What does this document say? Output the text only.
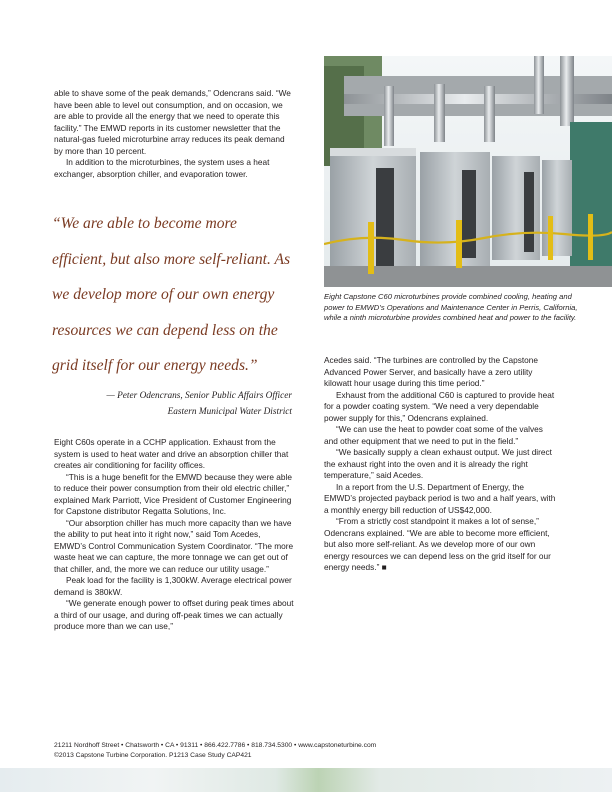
able to shave some of the peak demands,” Odencrans said. “We have been able to level out consumption, and on occasion, we are able to provide all the energy that we need to operate this facility.” The EMWD reports in its customer newsletter that the natural-gas fueled microturbine array reduces its peak demand by more than 10 percent.

In addition to the microturbines, the system uses a heat exchanger, absorption chiller, and evaporation tower.

“We are able to become more efficient, but also more self-reliant. As we develop more of our own energy resources we can depend less on the grid itself for our energy needs.”

— Peter Odencrans, Senior Public Affairs Officer
Eastern Municipal Water District

Eight C60s operate in a CCHP application. Exhaust from the system is used to heat water and drive an absorption chiller that creates air conditioning for facility offices.

“This is a huge benefit for the EMWD because they were able to reduce their power consumption from their old electric chiller,” explained Mark Parriott, Vice President of Customer Engineering for Capstone distributor Regatta Solutions, Inc.

“Our absorption chiller has much more capacity than we have the ability to put heat into it right now,” said Tom Acedes, EMWD’s Control Communication System Coordinator. “The more waste heat we can capture, the more tonnage we can get out of that chiller, and, the more we can reduce our utility usage.”

Peak load for the facility is 1,300kW. Average electrical power demand is 380kW.

“We generate enough power to offset during peak times about a third of our usage, and during off-peak times we can actually produce more than we can use,”

Eight Capstone C60 microturbines provide combined cooling, heating and power to EMWD’s Operations and Maintenance Center in Perris, California, while a ninth microturbine provides combined heat and power to the facility.

Acedes said. “The turbines are controlled by the Capstone Advanced Power Server, and basically have a zero utility kilowatt hour usage during this time period.”

Exhaust from the additional C60 is captured to provide heat for a powder coating system. “We need a very dependable power supply for this,” Odencrans explained.

“We can use the heat to powder coat some of the valves and other equipment that we need to put in the field.”

“We basically supply a clean exhaust output. We just direct the exhaust right into the oven and it is already the right temperature,” said Acedes.

In a report from the U.S. Department of Energy, the EMWD’s projected payback period is two and a half years, with a monthly energy bill reduction of US$42,000.

“From a strictly cost standpoint it makes a lot of sense,” Odencrans explained. “We are able to become more efficient, but also more self-reliant. As we develop more of our own energy resources we can depend less on the grid itself for our energy needs.” ■

21211 Nordhoff Street • Chatsworth • CA • 91311 • 866.422.7786 • 818.734.5300 • www.capstoneturbine.com
©2013 Capstone Turbine Corporation. P1213 Case Study CAP421
